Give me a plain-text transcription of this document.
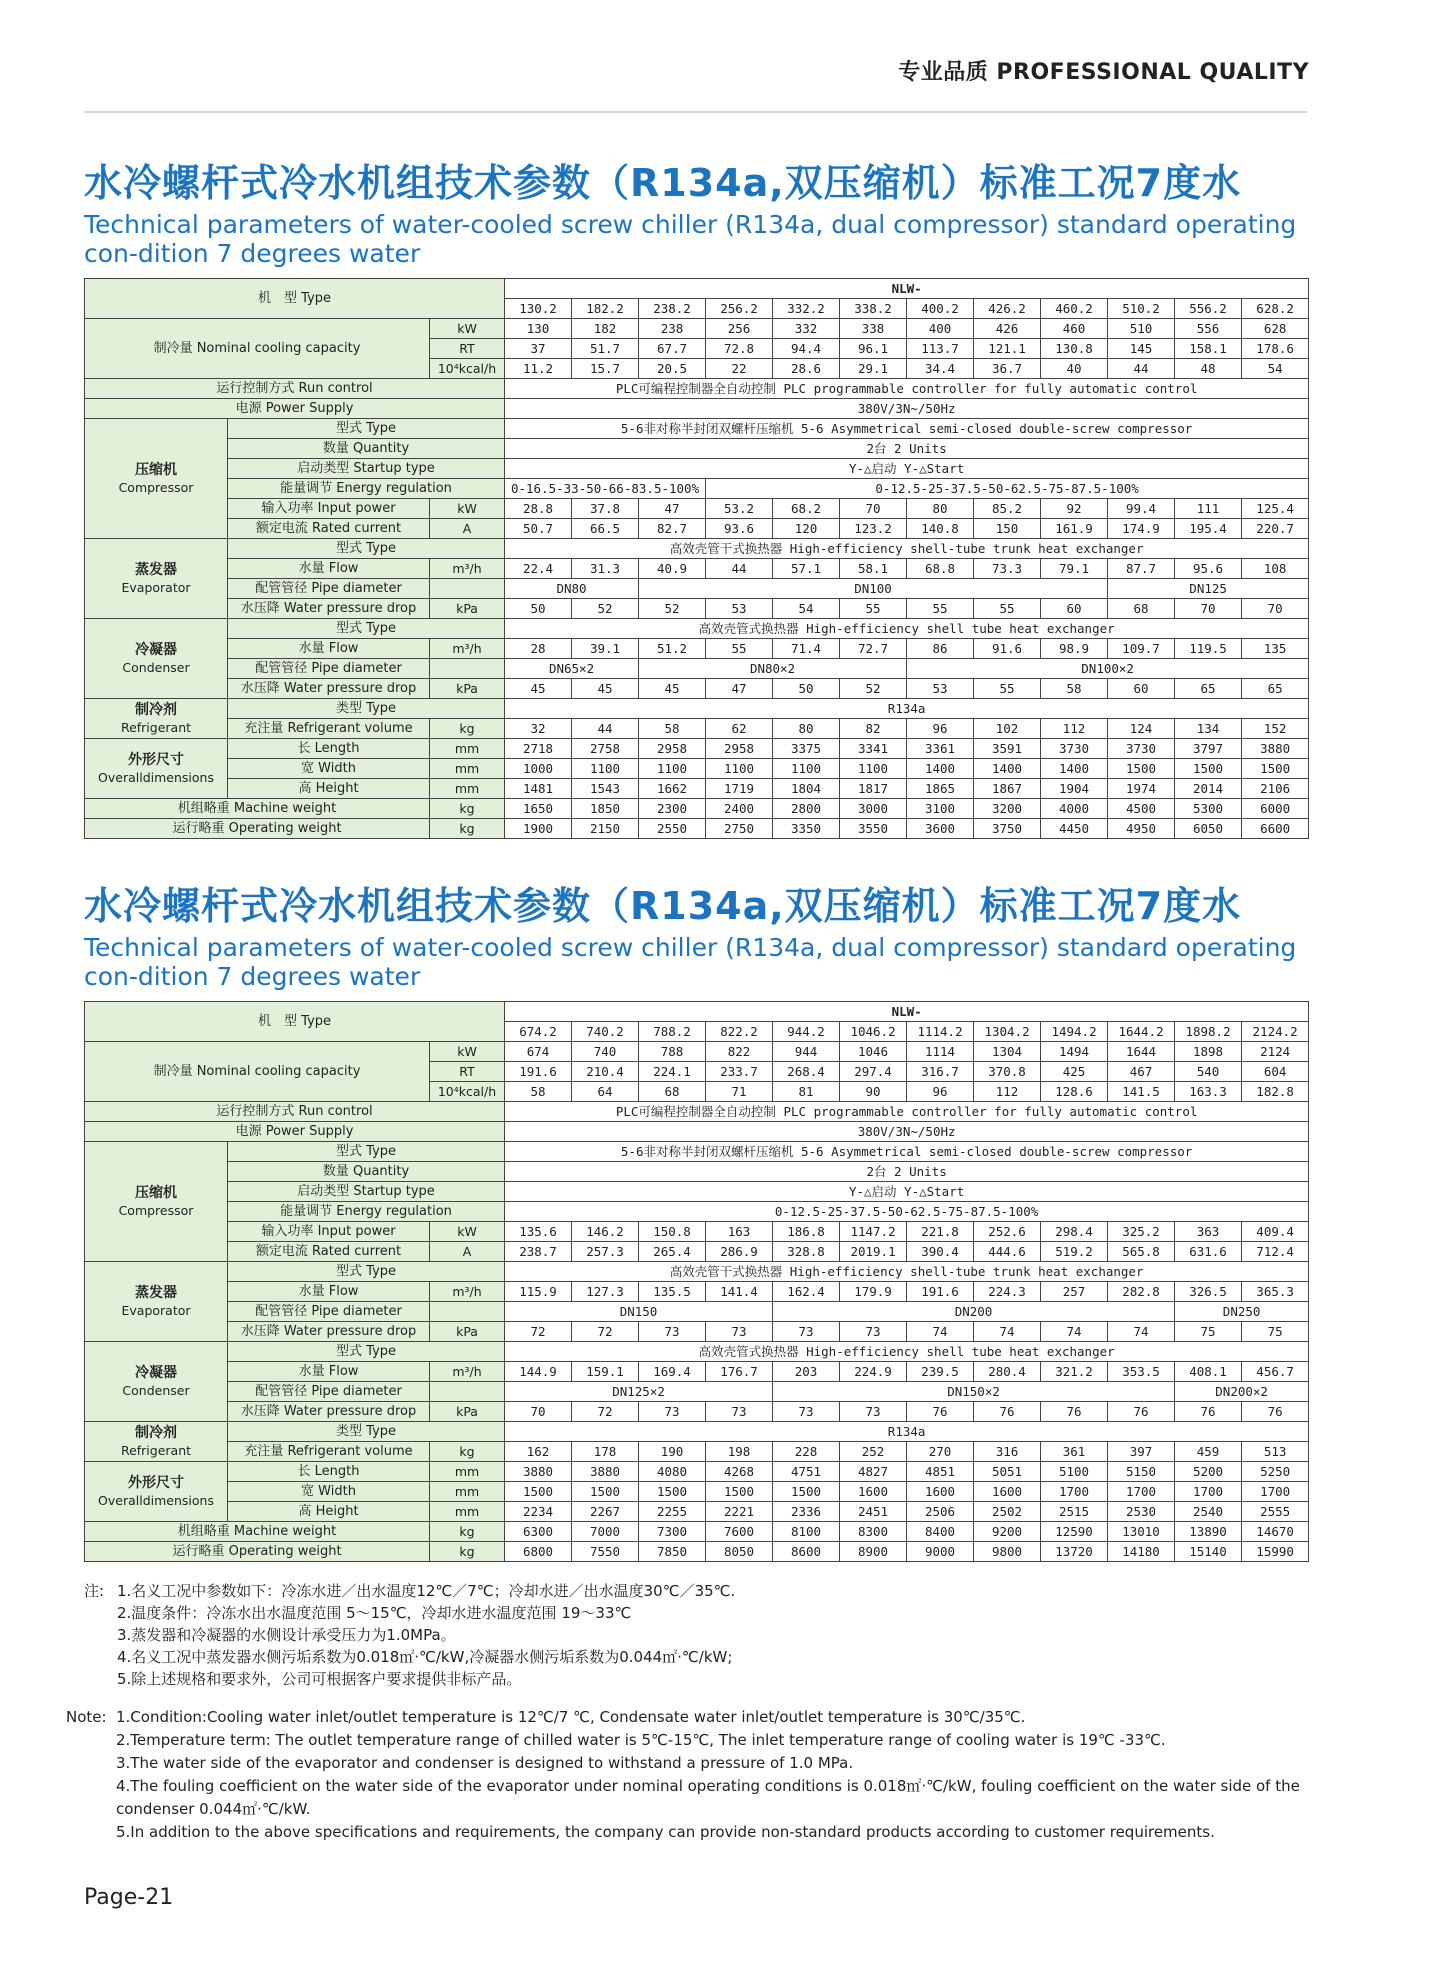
专业品质 PROFESSIONAL QUALITY
水冷螺杆式冷水机组技术参数（R134a,双压缩机）标准工况7度水
Technical parameters of water-cooled screw chiller (R134a, dual compressor) standard operating con-dition 7 degrees water
机　型 Type			NLW-											
			130.2	182.2	238.2	256.2	332.2	338.2	400.2	426.2	460.2	510.2	556.2	628.2
制冷量 Nominal cooling capacity		kW	130	182	238	256	332	338	400	426	460	510	556	628
		RT	37	51.7	67.7	72.8	94.4	96.1	113.7	121.1	130.8	145	158.1	178.6
		10⁴kcal/h	11.2	15.7	20.5	22	28.6	29.1	34.4	36.7	40	44	48	54
运行控制方式 Run control			PLC可编程控制器全自动控制 PLC programmable controller for fully automatic control											
电源 Power Supply			380V/3N~/50Hz											

压缩机
Compressor	型式 Type		5-6非对称半封闭双螺杆压缩机 5-6 Asymmetrical semi-closed double-screw compressor											
	数量 Quantity		2台 2 Units											
	启动类型 Startup type		Y-△启动 Y-△Start											
	能量调节 Energy regulation		0-16.5-33-50-66-83.5-100%			0-12.5-25-37.5-50-62.5-75-87.5-100%								
	输入功率 Input power	kW	28.8	37.8	47	53.2	68.2	70	80	85.2	92	99.4	111	125.4
	额定电流 Rated current	A	50.7	66.5	82.7	93.6	120	123.2	140.8	150	161.9	174.9	195.4	220.7

蒸发器
Evaporator	型式 Type		高效壳管干式换热器 High-efficiency shell-tube trunk heat exchanger											
	水量 Flow	m³/h	22.4	31.3	40.9	44	57.1	58.1	68.8	73.3	79.1	87.7	95.6	108
	配管管径 Pipe diameter		DN80		DN100							DN125		
	水压降 Water pressure drop	kPa	50	52	52	53	54	55	55	55	60	68	70	70

冷凝器
Condenser	型式 Type		高效壳管式换热器 High-efficiency shell tube heat exchanger											
	水量 Flow	m³/h	28	39.1	51.2	55	71.4	72.7	86	91.6	98.9	109.7	119.5	135
	配管管径 Pipe diameter		DN65×2		DN80×2				DN100×2					
	水压降 Water pressure drop	kPa	45	45	45	47	50	52	53	55	58	60	65	65

制冷剂
Refrigerant	类型 Type		R134a											
	充注量 Refrigerant volume	kg	32	44	58	62	80	82	96	102	112	124	134	152

外形尺寸
Overalldimensions	长 Length	mm	2718	2758	2958	2958	3375	3341	3361	3591	3730	3730	3797	3880
	宽 Width	mm	1000	1100	1100	1100	1100	1100	1400	1400	1400	1500	1500	1500
	高 Height	mm	1481	1543	1662	1719	1804	1817	1865	1867	1904	1974	2014	2106
机组略重 Machine weight		kg	1650	1850	2300	2400	2800	3000	3100	3200	4000	4500	5300	6000
运行略重 Operating weight		kg	1900	2150	2550	2750	3350	3550	3600	3750	4450	4950	6050	6600
水冷螺杆式冷水机组技术参数（R134a,双压缩机）标准工况7度水
Technical parameters of water-cooled screw chiller (R134a, dual compressor) standard operating con-dition 7 degrees water
机　型 Type			NLW-											
			674.2	740.2	788.2	822.2	944.2	1046.2	1114.2	1304.2	1494.2	1644.2	1898.2	2124.2
制冷量 Nominal cooling capacity		kW	674	740	788	822	944	1046	1114	1304	1494	1644	1898	2124
		RT	191.6	210.4	224.1	233.7	268.4	297.4	316.7	370.8	425	467	540	604
		10⁴kcal/h	58	64	68	71	81	90	96	112	128.6	141.5	163.3	182.8
运行控制方式 Run control			PLC可编程控制器全自动控制 PLC programmable controller for fully automatic control											
电源 Power Supply			380V/3N~/50Hz											

压缩机
Compressor	型式 Type		5-6非对称半封闭双螺杆压缩机 5-6 Asymmetrical semi-closed double-screw compressor											
	数量 Quantity		2台 2 Units											
	启动类型 Startup type		Y-△启动 Y-△Start											
	能量调节 Energy regulation		0-12.5-25-37.5-50-62.5-75-87.5-100%											
	输入功率 Input power	kW	135.6	146.2	150.8	163	186.8	1147.2	221.8	252.6	298.4	325.2	363	409.4
	额定电流 Rated current	A	238.7	257.3	265.4	286.9	328.8	2019.1	390.4	444.6	519.2	565.8	631.6	712.4

蒸发器
Evaporator	型式 Type		高效壳管干式换热器 High-efficiency shell-tube trunk heat exchanger											
	水量 Flow	m³/h	115.9	127.3	135.5	141.4	162.4	179.9	191.6	224.3	257	282.8	326.5	365.3
	配管管径 Pipe diameter		DN150				DN200						DN250	
	水压降 Water pressure drop	kPa	72	72	73	73	73	73	74	74	74	74	75	75

冷凝器
Condenser	型式 Type		高效壳管式换热器 High-efficiency shell tube heat exchanger											
	水量 Flow	m³/h	144.9	159.1	169.4	176.7	203	224.9	239.5	280.4	321.2	353.5	408.1	456.7
	配管管径 Pipe diameter		DN125×2				DN150×2						DN200×2	
	水压降 Water pressure drop	kPa	70	72	73	73	73	73	76	76	76	76	76	76

制冷剂
Refrigerant	类型 Type		R134a											
	充注量 Refrigerant volume	kg	162	178	190	198	228	252	270	316	361	397	459	513

外形尺寸
Overalldimensions	长 Length	mm	3880	3880	4080	4268	4751	4827	4851	5051	5100	5150	5200	5250
	宽 Width	mm	1500	1500	1500	1500	1500	1600	1600	1600	1700	1700	1700	1700
	高 Height	mm	2234	2267	2255	2221	2336	2451	2506	2502	2515	2530	2540	2555
机组略重 Machine weight		kg	6300	7000	7300	7600	8100	8300	8400	9200	12590	13010	13890	14670
运行略重 Operating weight		kg	6800	7550	7850	8050	8600	8900	9000	9800	13720	14180	15140	15990
注: 1.名义工况中参数如下：冷冻水进／出水温度12℃／7℃；冷却水进／出水温度30℃／35℃.
2.温度条件：冷冻水出水温度范围 5～15℃，冷却水进水温度范围 19～33℃
3.蒸发器和冷凝器的水侧设计承受压力为1.0MPa。
4.名义工况中蒸发器水侧污垢系数为0.018㎡·℃/kW,冷凝器水侧污垢系数为0.044㎡·℃/kW;
5.除上述规格和要求外，公司可根据客户要求提供非标产品。
Note: 1.Condition:Cooling water inlet/outlet temperature is 12℃/7 ℃, Condensate water inlet/outlet temperature is 30℃/35℃.
2.Temperature term: The outlet temperature range of chilled water is 5℃-15℃, The inlet temperature range of cooling water is 19℃ -33℃.
3.The water side of the evaporator and condenser is designed to withstand a pressure of 1.0 MPa.
4.The fouling coefficient on the water side of the evaporator under nominal operating conditions is 0.018㎡·℃/kW, fouling coefficient on the water side of the condenser 0.044㎡·℃/kW.
5.In addition to the above specifications and requirements, the company can provide non-standard products according to customer requirements.
Page-21
